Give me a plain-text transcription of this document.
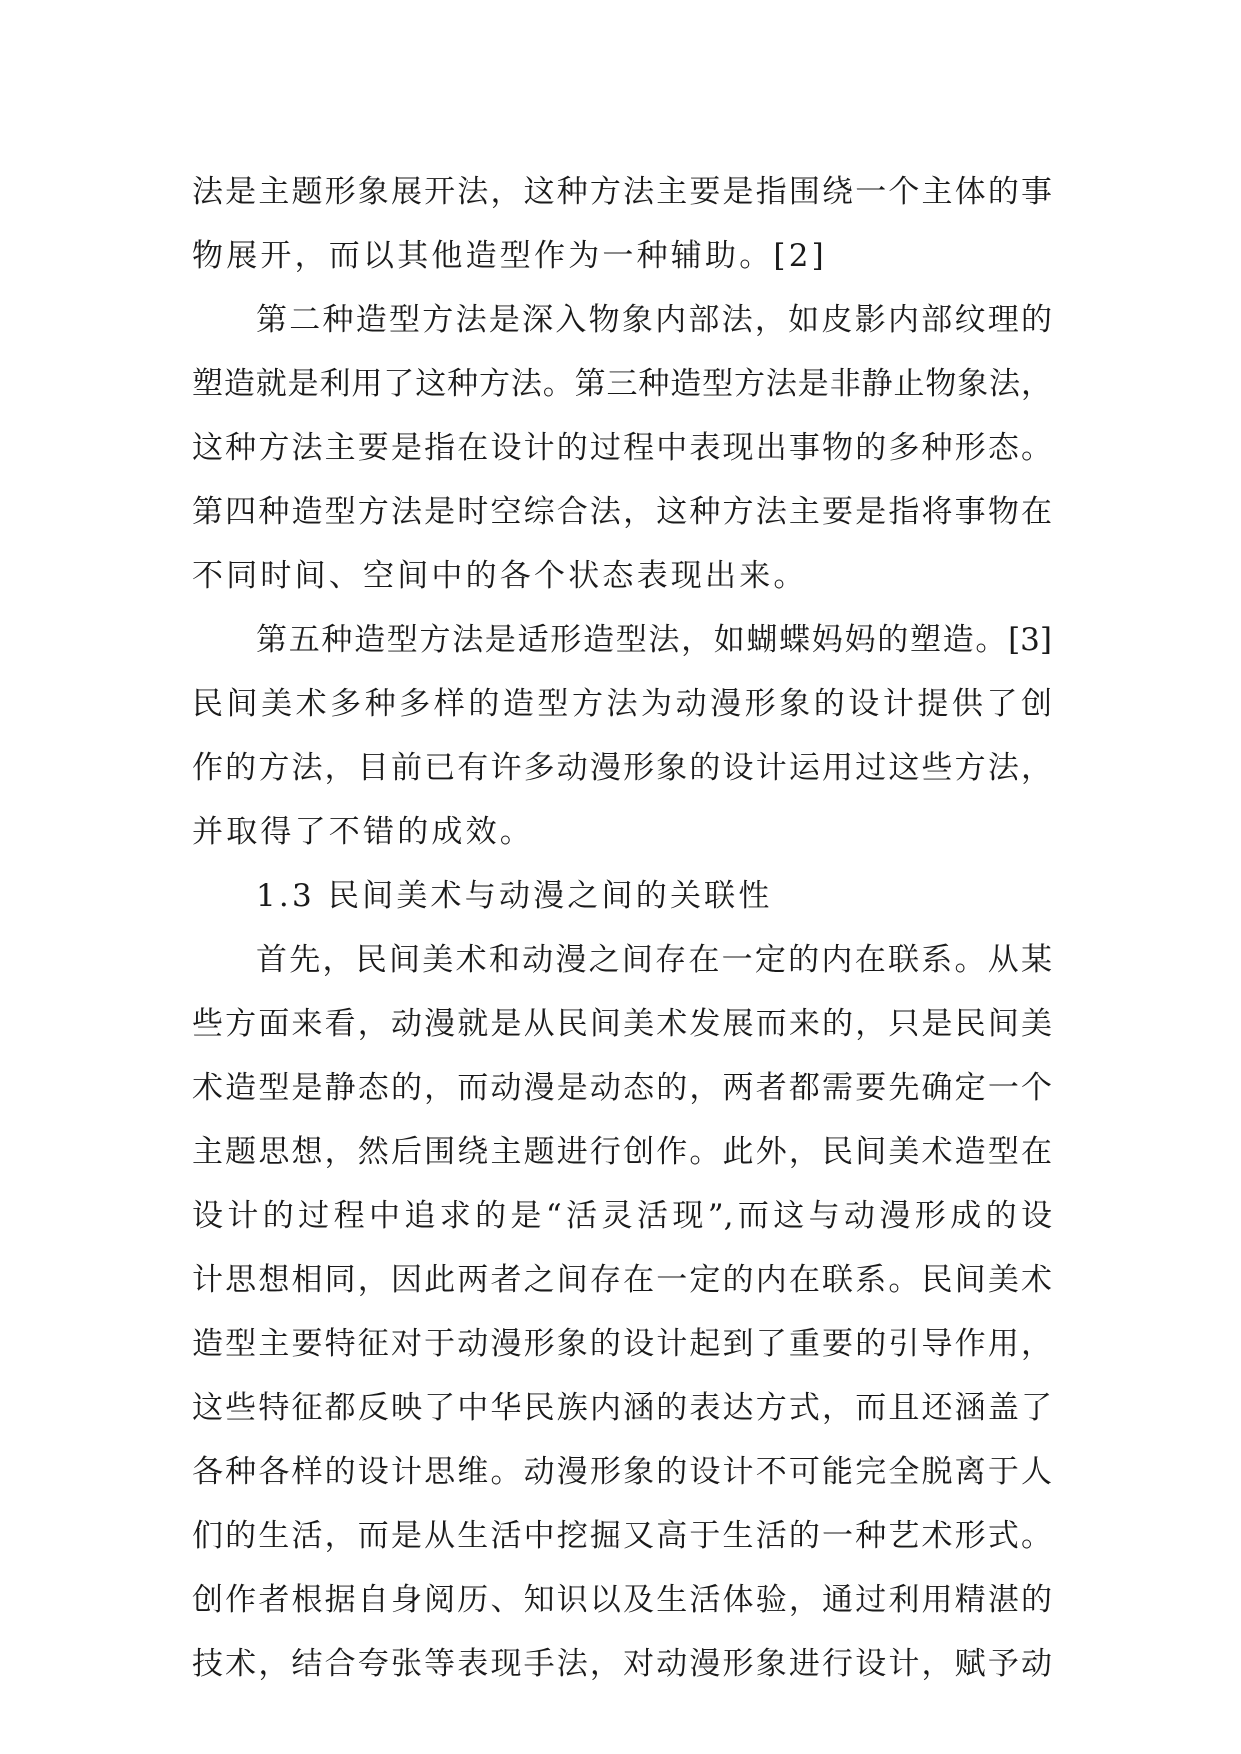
法是主题形象展开法，这种方法主要是指围绕一个主体的事
物展开，而以其他造型作为一种辅助。[2]
第二种造型方法是深入物象内部法，如皮影内部纹理的
塑造就是利用了这种方法。第三种造型方法是非静止物象法，
这种方法主要是指在设计的过程中表现出事物的多种形态。
第四种造型方法是时空综合法，这种方法主要是指将事物在
不同时间、空间中的各个状态表现出来。
第五种造型方法是适形造型法，如蝴蝶妈妈的塑造。[3]
民间美术多种多样的造型方法为动漫形象的设计提供了创
作的方法，目前已有许多动漫形象的设计运用过这些方法，
并取得了不错的成效。
1.3 民间美术与动漫之间的关联性
首先，民间美术和动漫之间存在一定的内在联系。从某
些方面来看，动漫就是从民间美术发展而来的，只是民间美
术造型是静态的，而动漫是动态的，两者都需要先确定一个
主题思想，然后围绕主题进行创作。此外，民间美术造型在
设计的过程中追求的是“活灵活现”,而这与动漫形成的设
计思想相同，因此两者之间存在一定的内在联系。民间美术
造型主要特征对于动漫形象的设计起到了重要的引导作用，
这些特征都反映了中华民族内涵的表达方式，而且还涵盖了
各种各样的设计思维。动漫形象的设计不可能完全脱离于人
们的生活，而是从生活中挖掘又高于生活的一种艺术形式。
创作者根据自身阅历、知识以及生活体验，通过利用精湛的
技术，结合夸张等表现手法，对动漫形象进行设计，赋予动
